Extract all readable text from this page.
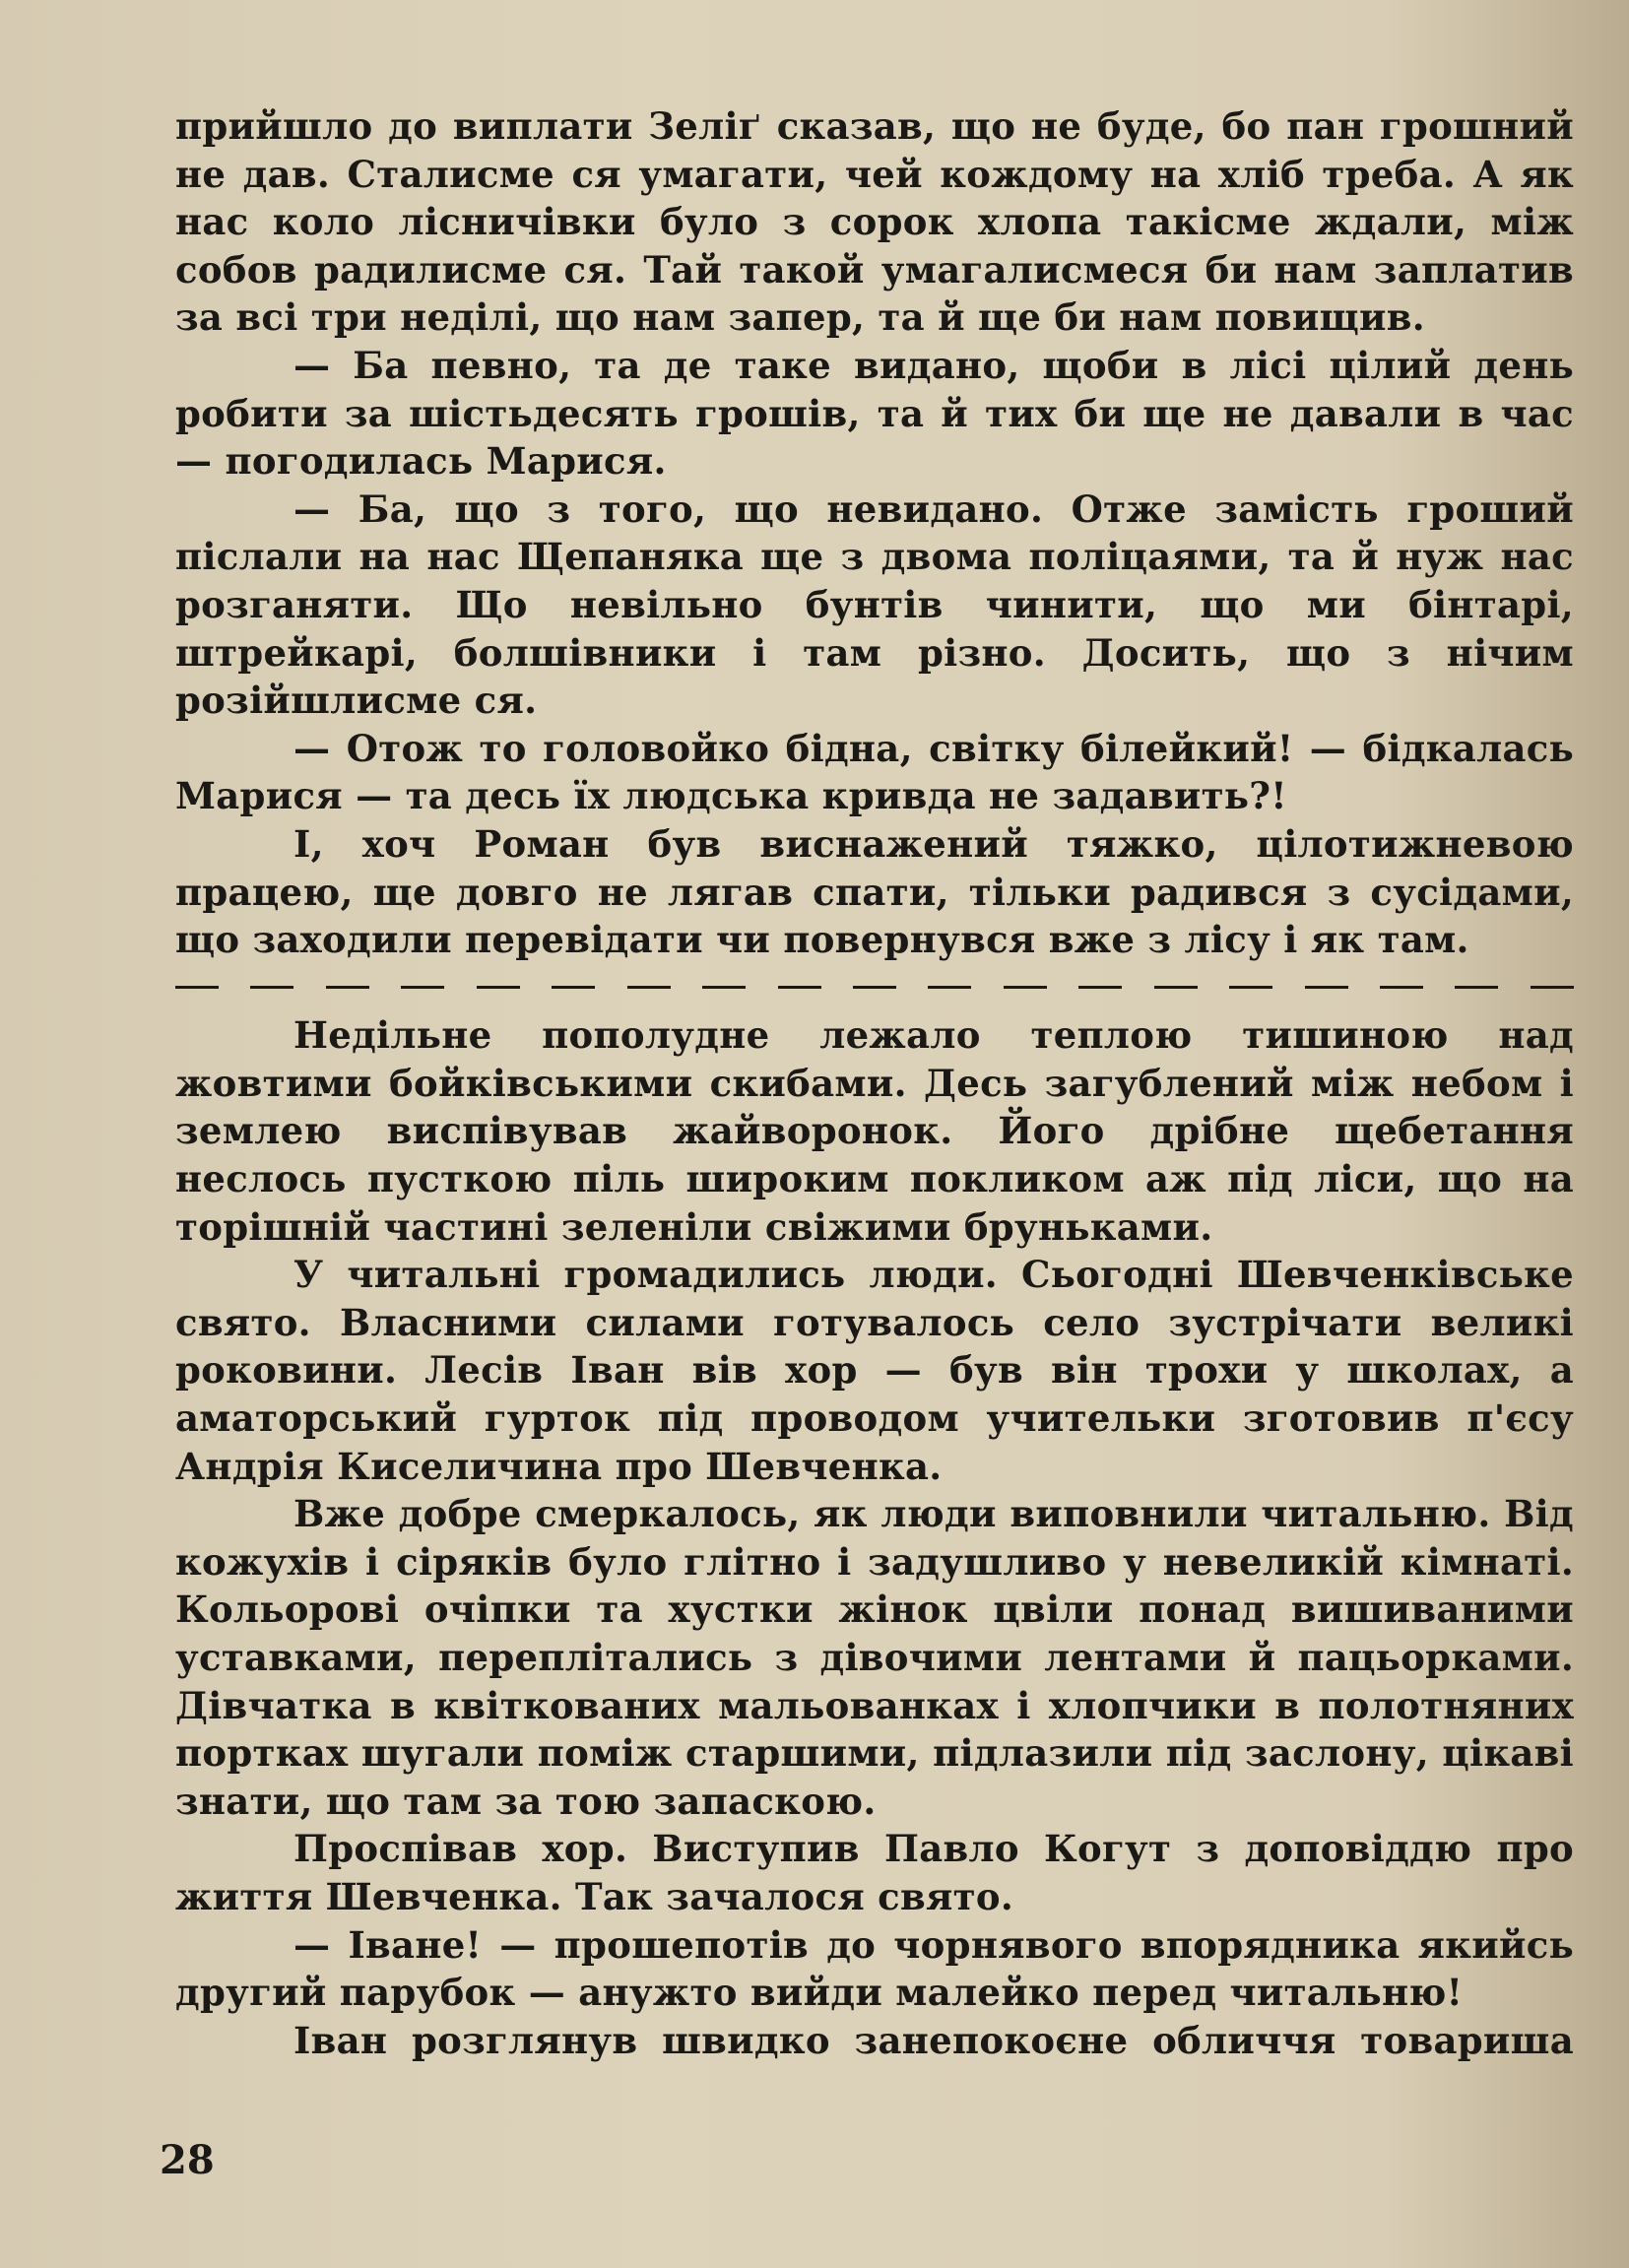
прийшло до виплати Зеліґ сказав, що не буде, бо пан грошний не дав. Сталисме ся умагати, чей кождому на хліб треба. А як нас коло лісничівки було з сорок хлопа такісме ждали, між собов радилисме ся. Тай такой умагалисмеся би нам заплатив за всі три неділі, що нам запер, та й ще би нам повищив.

— Ба певно, та де таке видано, щоби в лісі цілий день робити за шістьдесять грошів, та й тих би ще не давали в час — погодилась Марися.

— Ба, що з того, що невидано. Отже замість гроший післали на нас Щепаняка ще з двома поліцаями, та й нуж нас розганяти. Що невільно бунтів чинити, що ми бінтарі, штрейкарі, болшівники і там різно. Досить, що з нічим розійшлисме ся.

— Отож то головойко бідна, світку білейкий! — бідкалась Марися — та десь їх людська кривда не задавить?!

І, хоч Роман був виснажений тяжко, цілотижневою працею, ще довго не лягав спати, тільки радився з сусідами, що заходили перевідати чи повернувся вже з лісу і як там.

Недільне пополудне лежало теплою тишиною над жовтими бойківськими скибами. Десь загублений між небом і землею виспівував жайворонок. Його дрібне щебетання неслось пусткою піль широким покликом аж під ліси, що на торішній частині зеленіли свіжими бруньками.

У читальні громадились люди. Сьогодні Шевченківське свято. Власними силами готувалось село зустрічати великі роковини. Лесів Іван вів хор — був він трохи у школах, а аматорський гурток під проводом учительки зготовив п'єсу Андрія Киселичина про Шевченка.

Вже добре смеркалось, як люди виповнили читальню. Від кожухів і сіряків було глітно і задушливо у невеликій кімнаті. Кольорові очіпки та хустки жінок цвіли понад вишиваними уставками, переплітались з дівочими лентами й пацьорками. Дівчатка в квіткованих мальованках і хлопчики в полотняних портках шугали поміж старшими, підлазили під заслону, цікаві знати, що там за тою запаскою.

Проспівав хор. Виступив Павло Когут з доповіддю про життя Шевченка. Так зачалося свято.

— Іване! — прошепотів до чорнявого впорядника якийсь другий парубок — анужто вийди малейко перед читальню!

Іван розглянув швидко занепокоєне обличчя товариша

28
